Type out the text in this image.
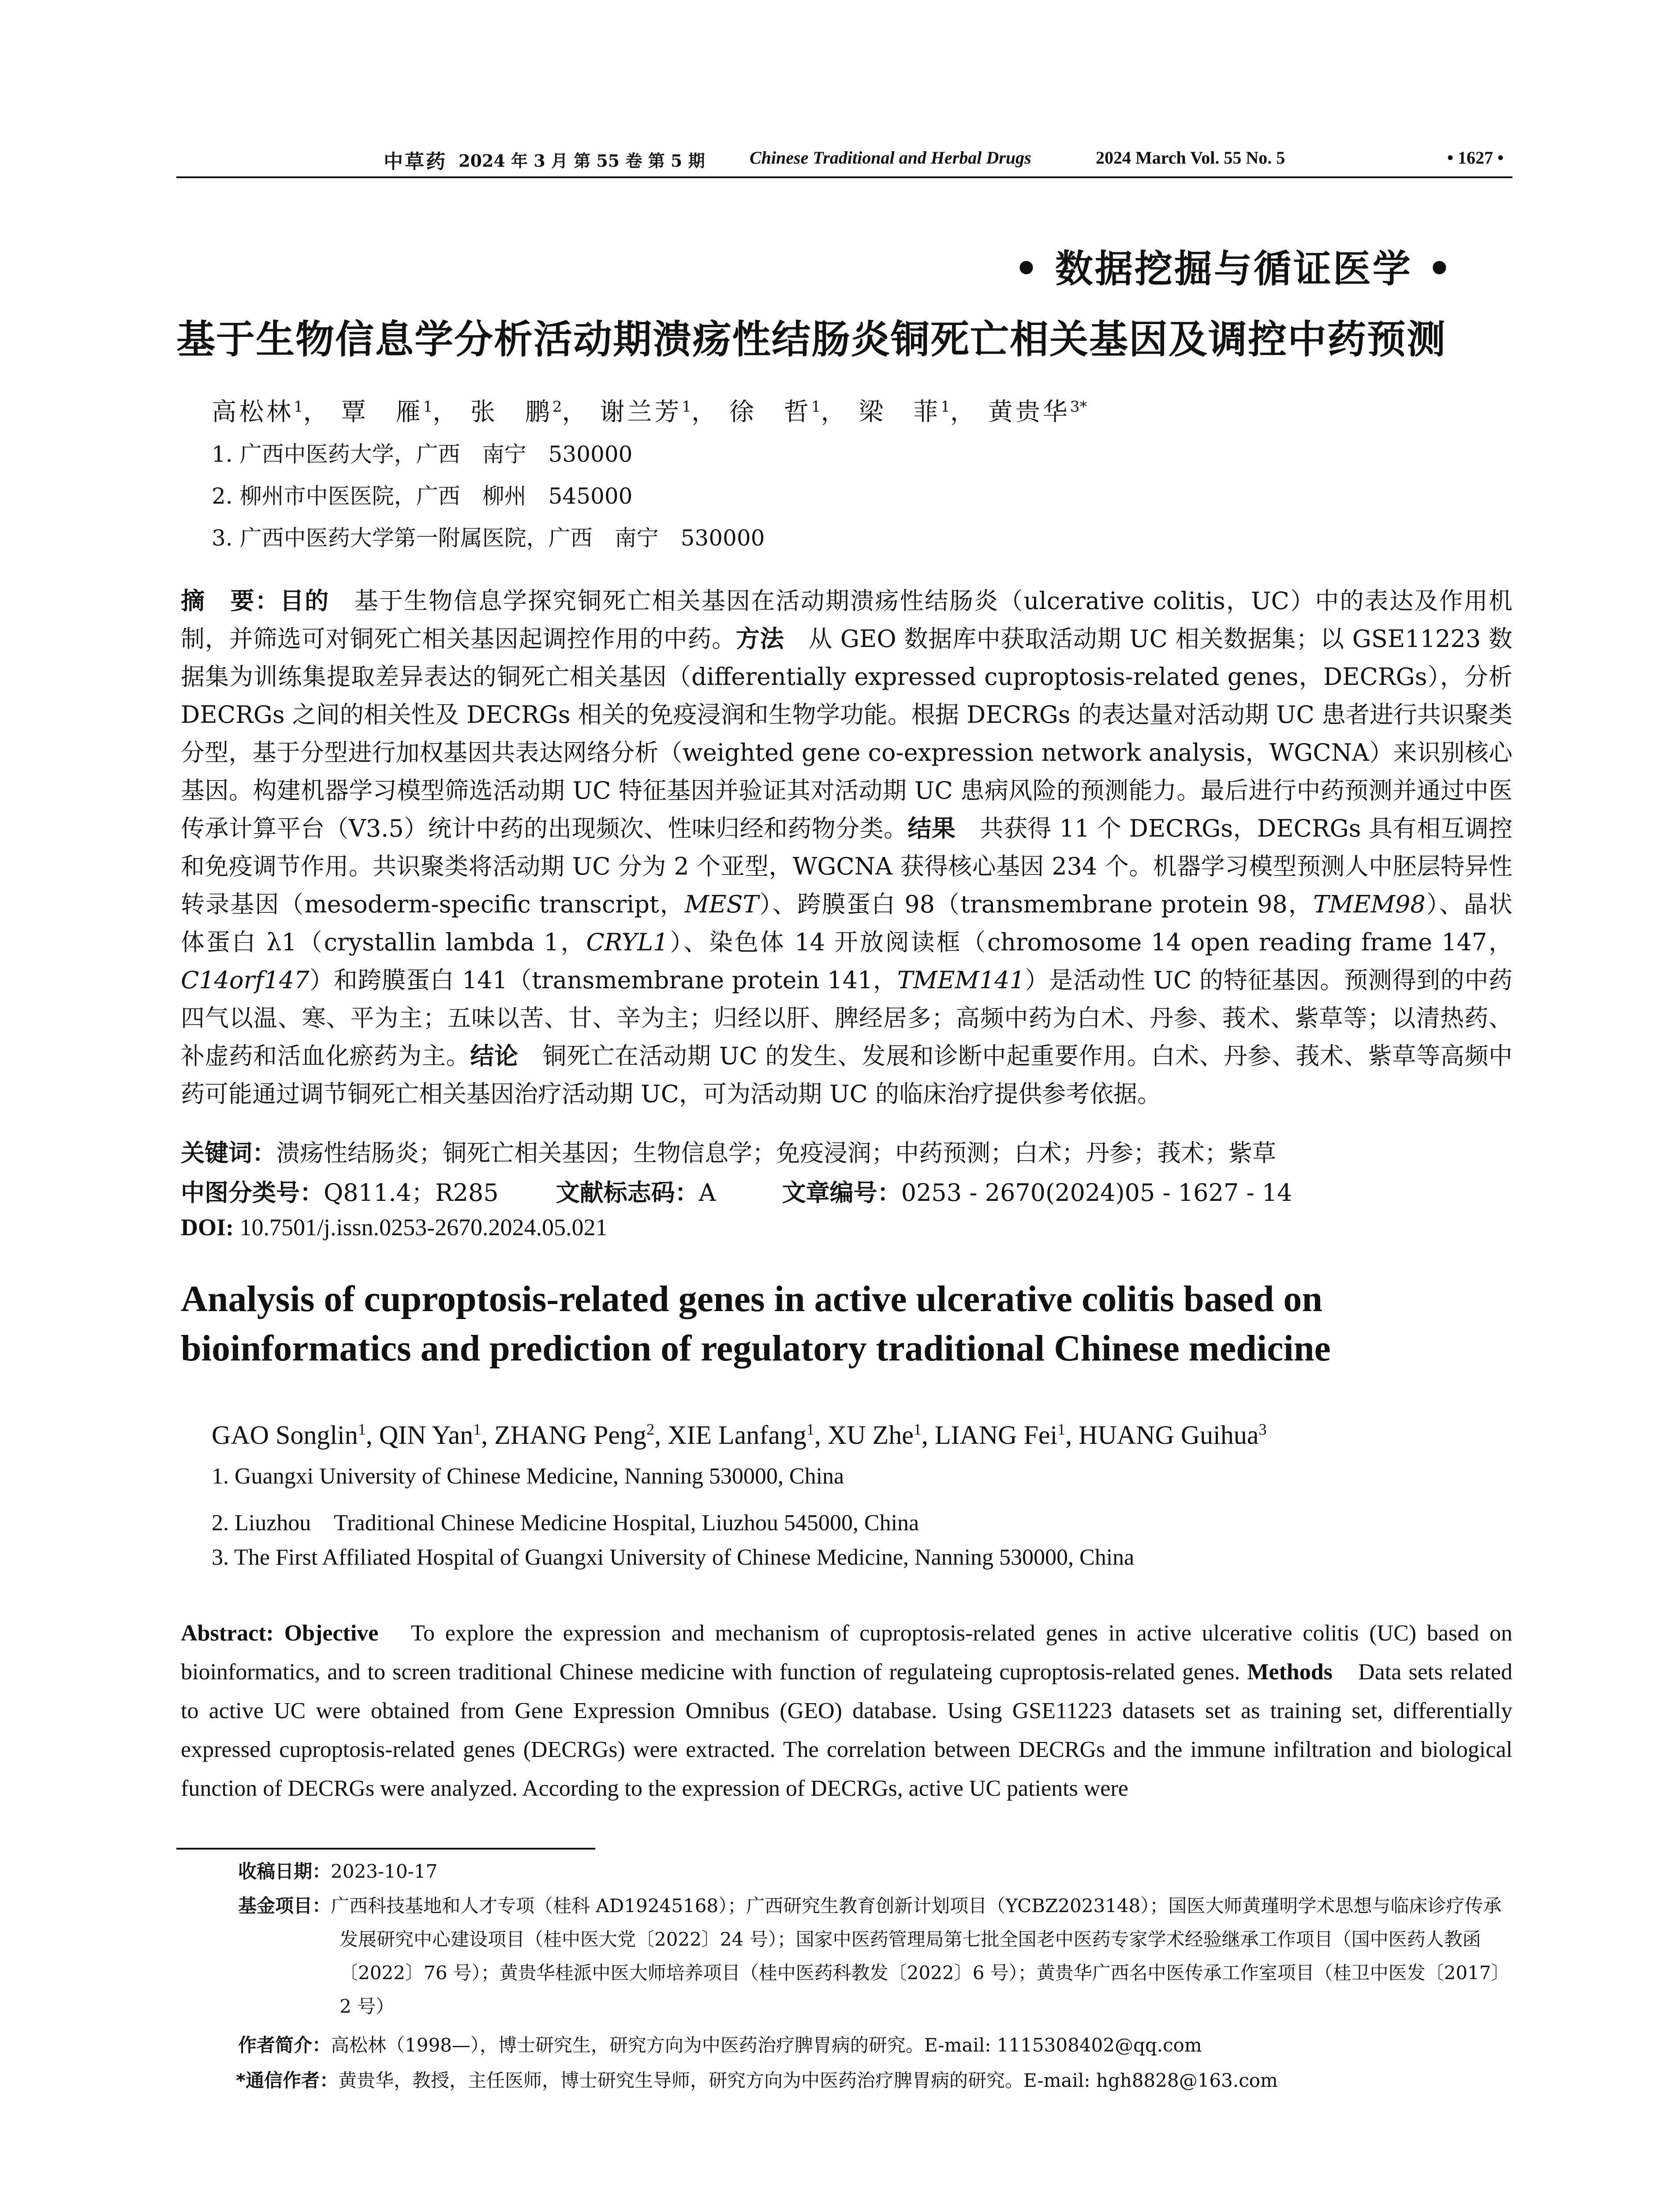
中草药 2024 年 3 月 第 55 卷 第 5 期	Chinese Traditional and Herbal Drugs	2024 March Vol. 55 No. 5	• 1627 •
• 数据挖掘与循证医学 •
基于生物信息学分析活动期溃疡性结肠炎铜死亡相关基因及调控中药预测
高松林$^1$， 覃　雁$^1$， 张　鹏$^2$， 谢兰芳$^1$， 徐　哲$^1$， 梁　菲$^1$， 黄贵华$^{3*}$
1. 广西中医药大学，广西　南宁　530000
2. 柳州市中医医院，广西　柳州　545000
3. 广西中医药大学第一附属医院，广西　南宁　530000
摘　要：目的　基于生物信息学探究铜死亡相关基因在活动期溃疡性结肠炎（ulcerative colitis，UC）中的表达及作用机制，并筛选可对铜死亡相关基因起调控作用的中药。方法　从 GEO 数据库中获取活动期 UC 相关数据集；以 GSE11223 数据集为训练集提取差异表达的铜死亡相关基因（differentially expressed cuproptosis-related genes，DECRGs），分析 DECRGs 之间的相关性及 DECRGs 相关的免疫浸润和生物学功能。根据 DECRGs 的表达量对活动期 UC 患者进行共识聚类分型，基于分型进行加权基因共表达网络分析（weighted gene co-expression network analysis，WGCNA）来识别核心基因。构建机器学习模型筛选活动期 UC 特征基因并验证其对活动期 UC 患病风险的预测能力。最后进行中药预测并通过中医传承计算平台（V3.5）统计中药的出现频次、性味归经和药物分类。结果　共获得 11 个 DECRGs，DECRGs 具有相互调控和免疫调节作用。共识聚类将活动期 UC 分为 2 个亚型，WGCNA 获得核心基因 234 个。机器学习模型预测人中胚层特异性转录基因（mesoderm-specific transcript，MEST）、跨膜蛋白 98（transmembrane protein 98，TMEM98）、晶状体蛋白 λ1（crystallin lambda 1，CRYL1）、染色体 14 开放阅读框（chromosome 14 open reading frame 147，C14orf147）和跨膜蛋白 141（transmembrane protein 141，TMEM141）是活动性 UC 的特征基因。预测得到的中药四气以温、寒、平为主；五味以苦、甘、辛为主；归经以肝、脾经居多；高频中药为白术、丹参、莪术、紫草等；以清热药、补虚药和活血化瘀药为主。结论　铜死亡在活动期 UC 的发生、发展和诊断中起重要作用。白术、丹参、莪术、紫草等高频中药可能通过调节铜死亡相关基因治疗活动期 UC，可为活动期 UC 的临床治疗提供参考依据。
关键词：溃疡性结肠炎；铜死亡相关基因；生物信息学；免疫浸润；中药预测；白术；丹参；莪术；紫草
中图分类号：Q811.4；R285 文献标志码：A	文章编号：0253 - 2670(2024)05 - 1627 - 14
DOI: 10.7501/j.issn.0253-2670.2024.05.021
Analysis of cuproptosis-related genes in active ulcerative colitis based on bioinformatics and prediction of regulatory traditional Chinese medicine
GAO Songlin$^1$, QIN Yan$^1$, ZHANG Peng$^2$, XIE Lanfang$^1$, XU Zhe$^1$, LIANG Fei$^1$, HUANG Guihua$^3$
1. Guangxi University of Chinese Medicine, Nanning 530000, China
2. Liuzhou　Traditional Chinese Medicine Hospital, Liuzhou 545000, China
3. The First Affiliated Hospital of Guangxi University of Chinese Medicine, Nanning 530000, China
Abstract: Objective　To explore the expression and mechanism of cuproptosis-related genes in active ulcerative colitis (UC) based on bioinformatics, and to screen traditional Chinese medicine with function of regulateing cuproptosis-related genes. Methods　Data sets related to active UC were obtained from Gene Expression Omnibus (GEO) database. Using GSE11223 datasets set as training set, differentially expressed cuproptosis-related genes (DECRGs) were extracted. The correlation between DECRGs and the immune infiltration and biological function of DECRGs were analyzed. According to the expression of DECRGs, active UC patients were
收稿日期：2023-10-17
基金项目：广西科技基地和人才专项（桂科 AD19245168）；广西研究生教育创新计划项目（YCBZ2023148）；国医大师黄瑾明学术思想与临床诊疗传承发展研究中心建设项目（桂中医大党〔2022〕24 号）；国家中医药管理局第七批全国老中医药专家学术经验继承工作项目（国中医药人教函〔2022〕76 号）；黄贵华桂派中医大师培养项目（桂中医药科教发〔2022〕6 号）；黄贵华广西名中医传承工作室项目（桂卫中医发〔2017〕2 号）
作者简介：高松林（1998—），博士研究生，研究方向为中医药治疗脾胃病的研究。E-mail: 1115308402@qq.com
*通信作者：黄贵华，教授，主任医师，博士研究生导师，研究方向为中医药治疗脾胃病的研究。E-mail: hgh8828@163.com
